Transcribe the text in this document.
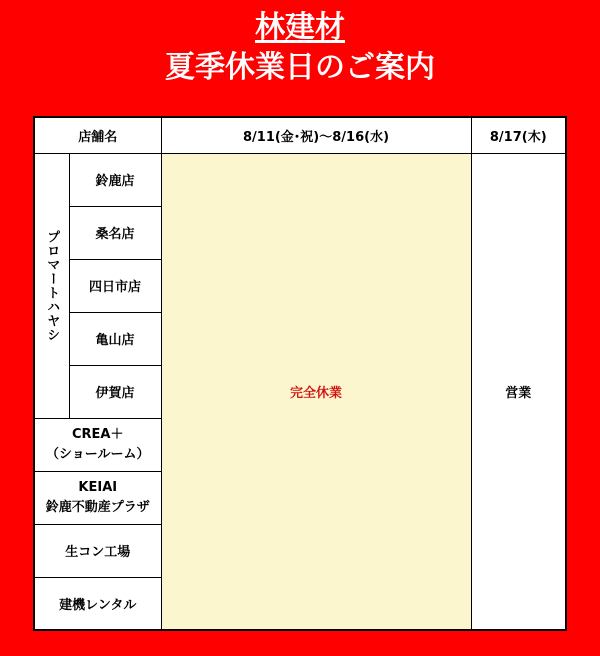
林建材
夏季休業日のご案内
店舗名		8/11(金･祝)～8/16(水)	8/17(木)
プロマートハヤシ	鈴鹿店	完全休業	営業
	桑名店		
	四日市店		
	亀山店		
	伊賀店		

CREA＋
（ショールーム）			

KEIAI
鈴鹿不動産プラザ			

生コン工場			
建機レンタル			
